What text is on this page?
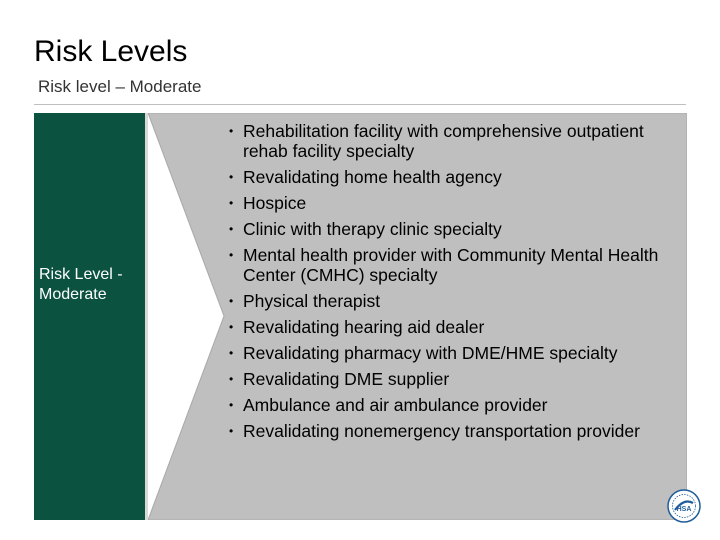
Risk Levels

Risk level – Moderate

Risk Level - Moderate
• Rehabilitation facility with comprehensive outpatient rehab facility specialty
• Revalidating home health agency
• Hospice
• Clinic with therapy clinic specialty
• Mental health provider with Community Mental Health Center (CMHC) specialty
• Physical therapist
• Revalidating hearing aid dealer
• Revalidating pharmacy with DME/HME specialty
• Revalidating DME supplier
• Ambulance and air ambulance provider
• Revalidating nonemergency transportation provider
HSA
